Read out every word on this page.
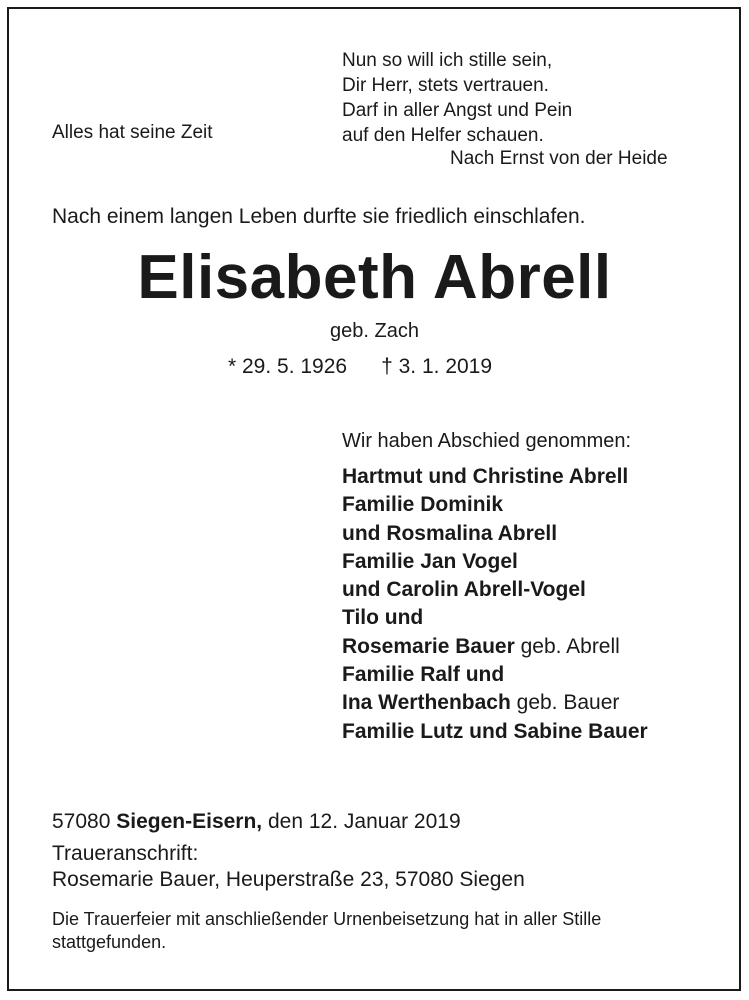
Alles hat seine Zeit
Nun so will ich stille sein,
Dir Herr, stets vertrauen.
Darf in aller Angst und Pein
auf den Helfer schauen.
Nach Ernst von der Heide
Nach einem langen Leben durfte sie friedlich einschlafen.
Elisabeth Abrell
geb. Zach
* 29. 5. 1926 † 3. 1. 2019
Wir haben Abschied genommen:
Hartmut und Christine Abrell
Familie Dominik
und Rosmalina Abrell
Familie Jan Vogel
und Carolin Abrell-Vogel
Tilo und
Rosemarie Bauer geb. Abrell
Familie Ralf und
Ina Werthenbach geb. Bauer
Familie Lutz und Sabine Bauer
57080 Siegen-Eisern, den 12. Januar 2019
Traueranschrift:
Rosemarie Bauer, Heuperstraße 23, 57080 Siegen
Die Trauerfeier mit anschließender Urnenbeisetzung hat in aller Stille stattgefunden.
